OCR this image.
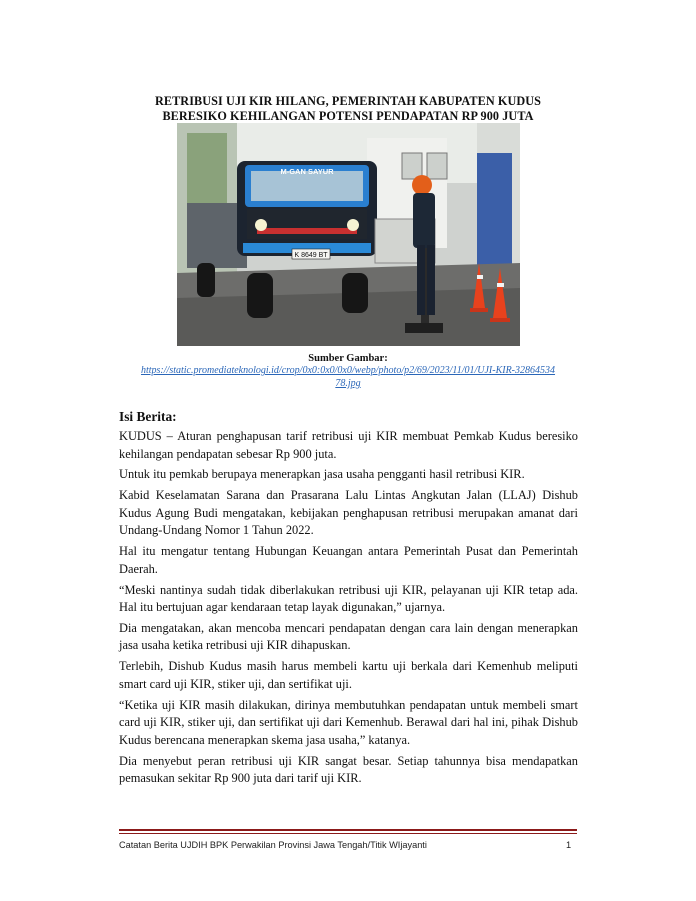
RETRIBUSI UJI KIR HILANG, PEMERINTAH KABUPATEN KUDUS
BERESIKO KEHILANGAN POTENSI PENDAPATAN RP 900 JUTA
K 8649 BT
M-GAN SAYUR
Sumber Gambar:
https://static.promediateknologi.id/crop/0x0:0x0/0x0/webp/photo/p2/69/2023/11/01/UJI-KIR-3286453478.jpg
Isi Berita:

KUDUS – Aturan penghapusan tarif retribusi uji KIR membuat Pemkab Kudus beresiko kehilangan pendapatan sebesar Rp 900 juta.

Untuk itu pemkab berupaya menerapkan jasa usaha pengganti hasil retribusi KIR.

Kabid Keselamatan Sarana dan Prasarana Lalu Lintas Angkutan Jalan (LLAJ) Dishub Kudus Agung Budi mengatakan, kebijakan penghapusan retribusi merupakan amanat dari Undang-Undang Nomor 1 Tahun 2022.

Hal itu mengatur tentang Hubungan Keuangan antara Pemerintah Pusat dan Pemerintah Daerah.

“Meski nantinya sudah tidak diberlakukan retribusi uji KIR, pelayanan uji KIR tetap ada. Hal itu bertujuan agar kendaraan tetap layak digunakan,” ujarnya.

Dia mengatakan, akan mencoba mencari pendapatan dengan cara lain dengan menerapkan jasa usaha ketika retribusi uji KIR dihapuskan.

Terlebih, Dishub Kudus masih harus membeli kartu uji berkala dari Kemenhub meliputi smart card uji KIR, stiker uji, dan sertifikat uji.

“Ketika uji KIR masih dilakukan, dirinya membutuhkan pendapatan untuk membeli smart card uji KIR, stiker uji, dan sertifikat uji dari Kemenhub. Berawal dari hal ini, pihak Dishub Kudus berencana menerapkan skema jasa usaha,” katanya.

Dia menyebut peran retribusi uji KIR sangat besar. Setiap tahunnya bisa mendapatkan pemasukan sekitar Rp 900 juta dari tarif uji KIR.

Catatan Berita UJDIH BPK Perwakilan Provinsi Jawa Tengah/Titik WIjayanti	1
